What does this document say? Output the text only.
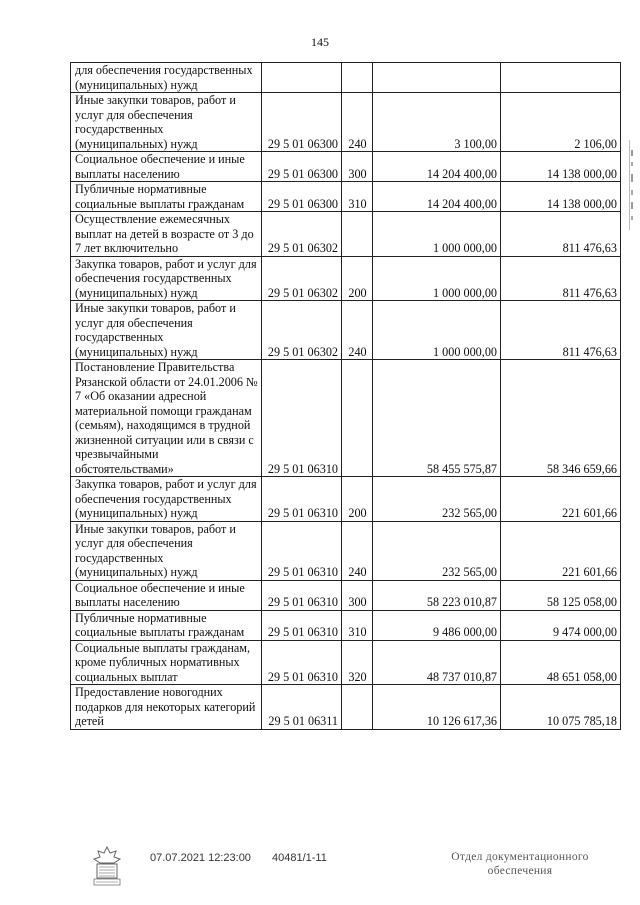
145
для обеспечения государственных (муниципальных) нужд				
Иные закупки товаров, работ и услуг для обеспечения государственных (муниципальных) нужд	29 5 01 06300	240	3 100,00	2 106,00
Социальное обеспечение и иные выплаты населению	29 5 01 06300	300	14 204 400,00	14 138 000,00
Публичные нормативные социальные выплаты гражданам	29 5 01 06300	310	14 204 400,00	14 138 000,00
Осуществление ежемесячных выплат на детей в возрасте от 3 до 7 лет включительно	29 5 01 06302		1 000 000,00	811 476,63
Закупка товаров, работ и услуг для обеспечения государственных (муниципальных) нужд	29 5 01 06302	200	1 000 000,00	811 476,63
Иные закупки товаров, работ и услуг для обеспечения государственных (муниципальных) нужд	29 5 01 06302	240	1 000 000,00	811 476,63
Постановление Правительства Рязанской области от 24.01.2006 № 7 «Об оказании адресной материальной помощи гражданам (семьям), находящимся в трудной жизненной ситуации или в связи с чрезвычайными обстоятельствами»	29 5 01 06310		58 455 575,87	58 346 659,66
Закупка товаров, работ и услуг для обеспечения государственных (муниципальных) нужд	29 5 01 06310	200	232 565,00	221 601,66
Иные закупки товаров, работ и услуг для обеспечения государственных (муниципальных) нужд	29 5 01 06310	240	232 565,00	221 601,66
Социальное обеспечение и иные выплаты населению	29 5 01 06310	300	58 223 010,87	58 125 058,00
Публичные нормативные социальные выплаты гражданам	29 5 01 06310	310	9 486 000,00	9 474 000,00
Социальные выплаты гражданам, кроме публичных нормативных социальных выплат	29 5 01 06310	320	48 737 010,87	48 651 058,00
Предоставление новогодних подарков для некоторых категорий детей	29 5 01 06311		10 126 617,36	10 075 785,18
07.07.2021 12:23:00 40481/1-11	Отдел документационного обеспечения
